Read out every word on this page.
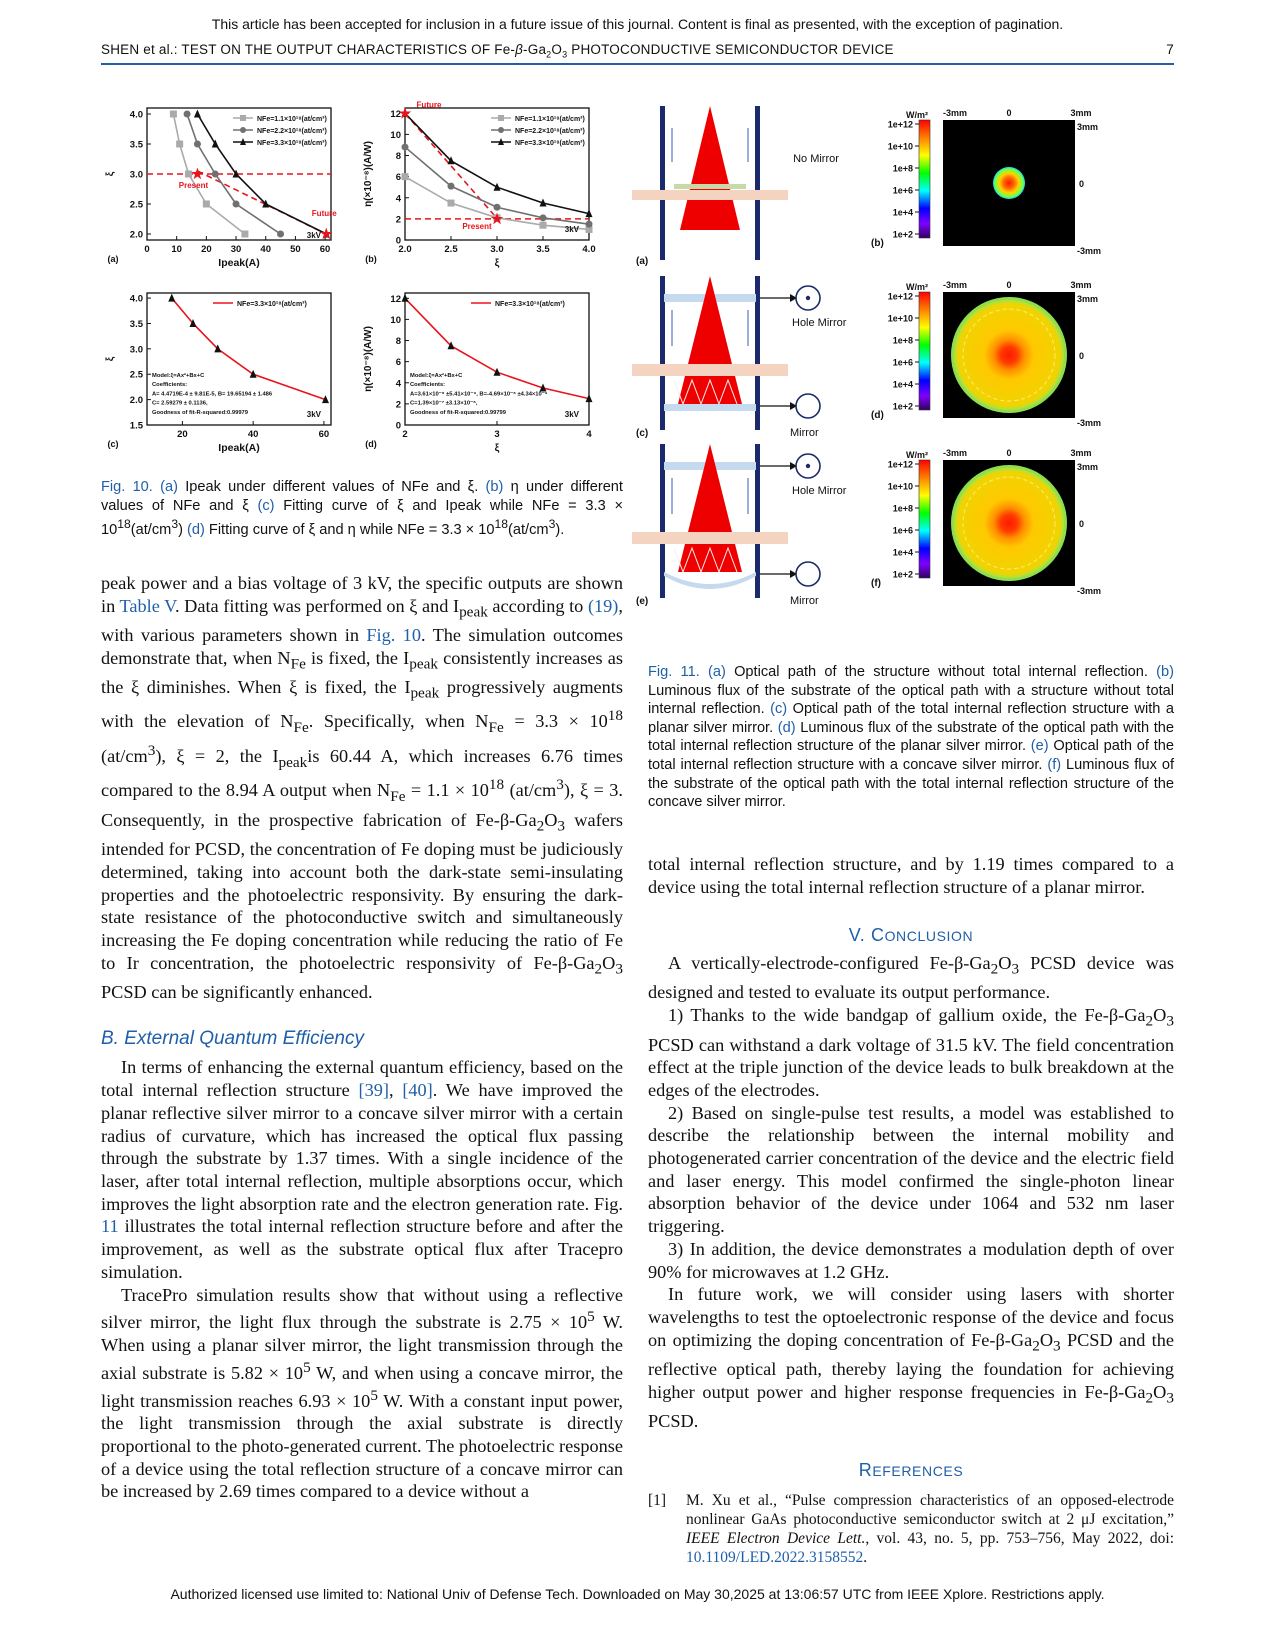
This article has been accepted for inclusion in a future issue of this journal. Content is final as presented, with the exception of pagination.
SHEN et al.: TEST ON THE OUTPUT CHARACTERISTICS OF $Fe-\beta-Ga_2O_3$ PHOTOCONDUCTIVE SEMICONDUCTOR DEVICE	7
0 10 20 30 40 50 60
4.0
3.5
3.0
2.5
2.0
Ipeak(A)
ξ
(a)
NFe=1.1×10¹⁸(at/cm³)
NFe=2.2×10¹⁸(at/cm³)
NFe=3.3×10¹⁸(at/cm³)
★
Present
★
Future
3kV
2.0	2.5	3.0	3.5	4.0
12
10
8
6
4
2
0
ξ
η(×10⁻⁸)(A/W)
(b)
NFe=1.1×10¹⁸(at/cm³)
NFe=2.2×10¹⁸(at/cm³)
NFe=3.3×10¹⁸(at/cm³)
★ Future
★
Present	3kV
20	40	60
4.0
3.5
3.0
2.5
2.0
1.5
Ipeak(A)
ξ
(c)
NFe=3.3×10¹⁸(at/cm³)
Model:ξ=Ax²+Bx+C
Coefficients:
A= 4.4719E-4 ± 9.81E-5, B= 19.65194 ± 1.486
C= 2.59279 ± 0.1136,
Goodness of fit-R-squared:0.99979	3kV
2	3	4
12
10
8
6
4
2
0
ξ
η(×10⁻⁸)(A/W)
(d)
NFe=3.3×10¹⁸(at/cm³)
Model:ξ=Ax²+Bx+C
Coefficients:
A=3.61×10⁻⁸ ±5.41×10⁻⁹, B=-4.69×10⁻⁸ ±4.34×10⁻⁹
C=1.39×10⁻⁷ ±3.13×10⁻⁸,
Goodness of fit-R-squared:0.99799	3kV
Fig. 10. (a) Ipeak under different values of NFe and ξ. (b) η under different values of NFe and ξ (c) Fitting curve of ξ and Ipeak while NFe = $3.3 \times 10^{18}(at/cm^3)$ (d) Fitting curve of ξ and η while NFe = $3.3 \times 10^{18}(at/cm^3)$.

peak power and a bias voltage of 3 kV, the specific outputs are shown in Table V. Data fitting was performed on ξ and $I_{peak}$ according to (19), with various parameters shown in Fig. 10. The simulation outcomes demonstrate that, when $N_{Fe}$ is fixed, the $I_{peak}$ consistently increases as the ξ diminishes. When ξ is fixed, the $I_{peak}$ progressively augments with the elevation of $N_{Fe}$. Specifically, when $N_{Fe} = 3.3 \times 10^{18}$ $(at/cm^3)$, ξ = 2, the $I_{peak}is$ 60.44 A, which increases 6.76 times compared to the 8.94 A output when $N_{Fe} = 1.1 \times 10^{18}$ $(at/cm^3)$, ξ = 3. Consequently, in the prospective fabrication of $Fe-\beta-Ga_2O_3$ wafers intended for PCSD, the concentration of Fe doping must be judiciously determined, taking into account both the dark-state semi-insulating properties and the photoelectric responsivity. By ensuring the dark-state resistance of the photoconductive switch and simultaneously increasing the Fe doping concentration while reducing the ratio of Fe to Ir concentration, the photoelectric responsivity of $Fe-\beta-Ga_2O_3$ PCSD can be significantly enhanced.

B. External Quantum Efficiency

In terms of enhancing the external quantum efficiency, based on the total internal reflection structure [39], [40]. We have improved the planar reflective silver mirror to a concave silver mirror with a certain radius of curvature, which has increased the optical flux passing through the substrate by 1.37 times. With a single incidence of the laser, after total internal reflection, multiple absorptions occur, which improves the light absorption rate and the electron generation rate. Fig. 11 illustrates the total internal reflection structure before and after the improvement, as well as the substrate optical flux after Tracepro simulation.

TracePro simulation results show that without using a reflective silver mirror, the light flux through the substrate is $2.75 \times 10^5$ W. When using a planar silver mirror, the light transmission through the axial substrate is $5.82 \times 10^5$ W, and when using a concave mirror, the light transmission reaches $6.93 \times 10^5$ W. With a constant input power, the light transmission through the axial substrate is directly proportional to the photo-generated current. The photoelectric response of a device using the total reflection structure of a concave mirror can be increased by 2.69 times compared to a device without a

No Mirror
(a)
Hole Mirror
Mirror
(c)
Hole Mirror
Mirror
(e)
W/m²
1e+12
1e+10
1e+8
1e+6
1e+4
1e+2
(b)
-3mm	0	3mm
3mm
0
-3mm
W/m²
1e+12
1e+10
1e+8
1e+6
1e+4
1e+2
(d)
-3mm	0	3mm
3mm
0
-3mm
W/m²
1e+12
1e+10
1e+8
1e+6
1e+4
1e+2
(f)
-3mm	0	3mm
3mm
0
-3mm
Fig. 11. (a) Optical path of the structure without total internal reflection. (b) Luminous flux of the substrate of the optical path with a structure without total internal reflection. (c) Optical path of the total internal reflection structure with a planar silver mirror. (d) Luminous flux of the substrate of the optical path with the total internal reflection structure of the planar silver mirror. (e) Optical path of the total internal reflection structure with a concave silver mirror. (f) Luminous flux of the substrate of the optical path with the total internal reflection structure of the concave silver mirror.

total internal reflection structure, and by 1.19 times compared to a device using the total internal reflection structure of a planar mirror.

V. CONCLUSION

A vertically-electrode-configured $Fe-\beta-Ga_2O_3$ PCSD device was designed and tested to evaluate its output performance.

1) Thanks to the wide bandgap of gallium oxide, the $Fe-\beta-Ga_2O_3$ PCSD can withstand a dark voltage of 31.5 kV. The field concentration effect at the triple junction of the device leads to bulk breakdown at the edges of the electrodes.

2) Based on single-pulse test results, a model was established to describe the relationship between the internal mobility and photogenerated carrier concentration of the device and the electric field and laser energy. This model confirmed the single-photon linear absorption behavior of the device under 1064 and 532 nm laser triggering.

3) In addition, the device demonstrates a modulation depth of over 90% for microwaves at 1.2 GHz.

In future work, we will consider using lasers with shorter wavelengths to test the optoelectronic response of the device and focus on optimizing the doping concentration of $Fe-\beta-Ga_2O_3$ PCSD and the reflective optical path, thereby laying the foundation for achieving higher output power and higher response frequencies in $Fe-\beta-Ga_2O_3$ PCSD.

REFERENCES

[1] M. Xu et al., “Pulse compression characteristics of an opposed-electrode nonlinear GaAs photoconductive semiconductor switch at 2 μJ excitation,” IEEE Electron Device Lett., vol. 43, no. 5, pp. 753–756, May 2022, doi: 10.1109/LED.2022.3158552.
Authorized licensed use limited to: National Univ of Defense Tech. Downloaded on May 30,2025 at 13:06:57 UTC from IEEE Xplore. Restrictions apply.
